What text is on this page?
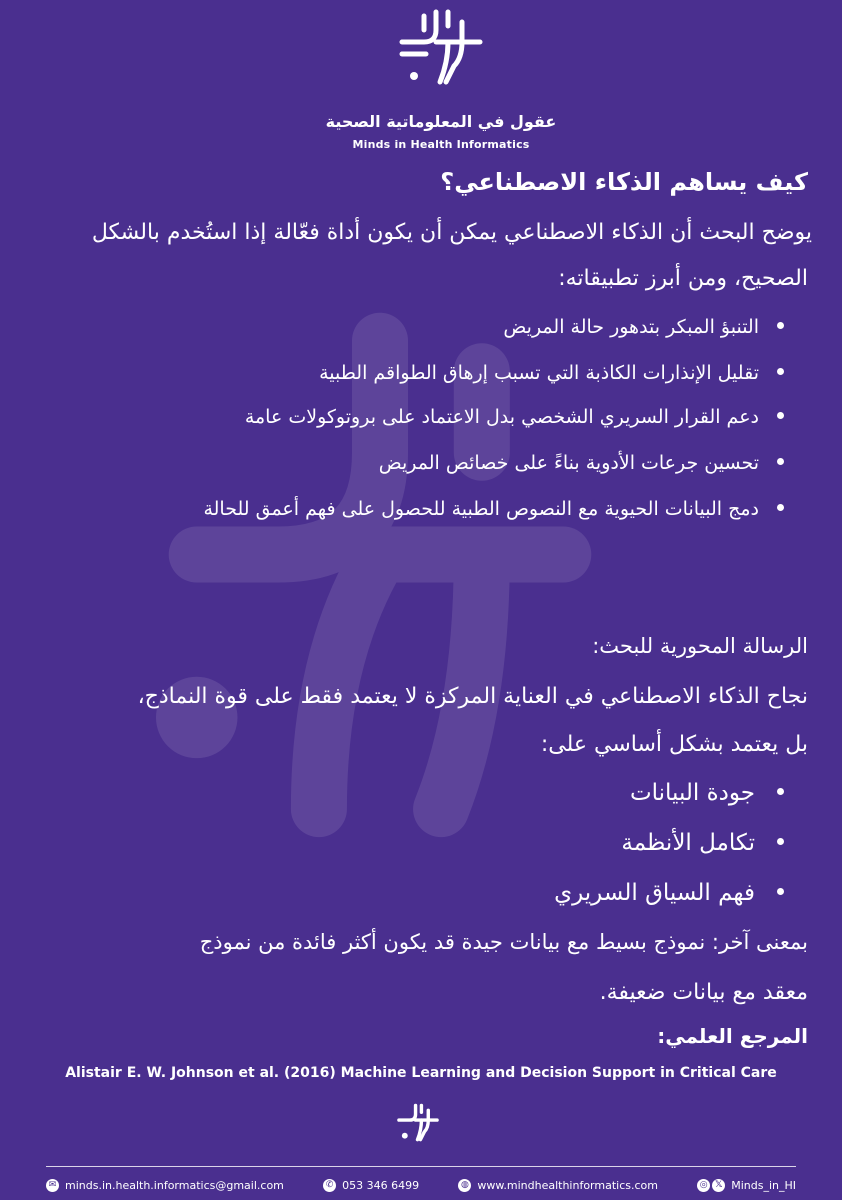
عقول في المعلوماتية الصحية
Minds in Health Informatics
كيف يساهم الذكاء الاصطناعي؟
يوضح البحث أن الذكاء الاصطناعي يمكن أن يكون أداة فعّالة إذا استُخدم بالشكل
الصحيح، ومن أبرز تطبيقاته:
التنبؤ المبكر بتدهور حالة المريض
تقليل الإنذارات الكاذبة التي تسبب إرهاق الطواقم الطبية
دعم القرار السريري الشخصي بدل الاعتماد على بروتوكولات عامة
تحسين جرعات الأدوية بناءً على خصائص المريض
دمج البيانات الحيوية مع النصوص الطبية للحصول على فهم أعمق للحالة
الرسالة المحورية للبحث:
نجاح الذكاء الاصطناعي في العناية المركزة لا يعتمد فقط على قوة النماذج،
بل يعتمد بشكل أساسي على:
جودة البيانات
تكامل الأنظمة
فهم السياق السريري
بمعنى آخر: نموذج بسيط مع بيانات جيدة قد يكون أكثر فائدة من نموذج
معقد مع بيانات ضعيفة.
المرجع العلمي:
Alistair E. W. Johnson et al. (2016) Machine Learning and Decision Support in Critical Care
✉ minds.in.health.informatics@gmail.com	✆ 053 346 6499	◍ www.mindhealthinformatics.com	◎ 𝕏 Minds_in_HI
